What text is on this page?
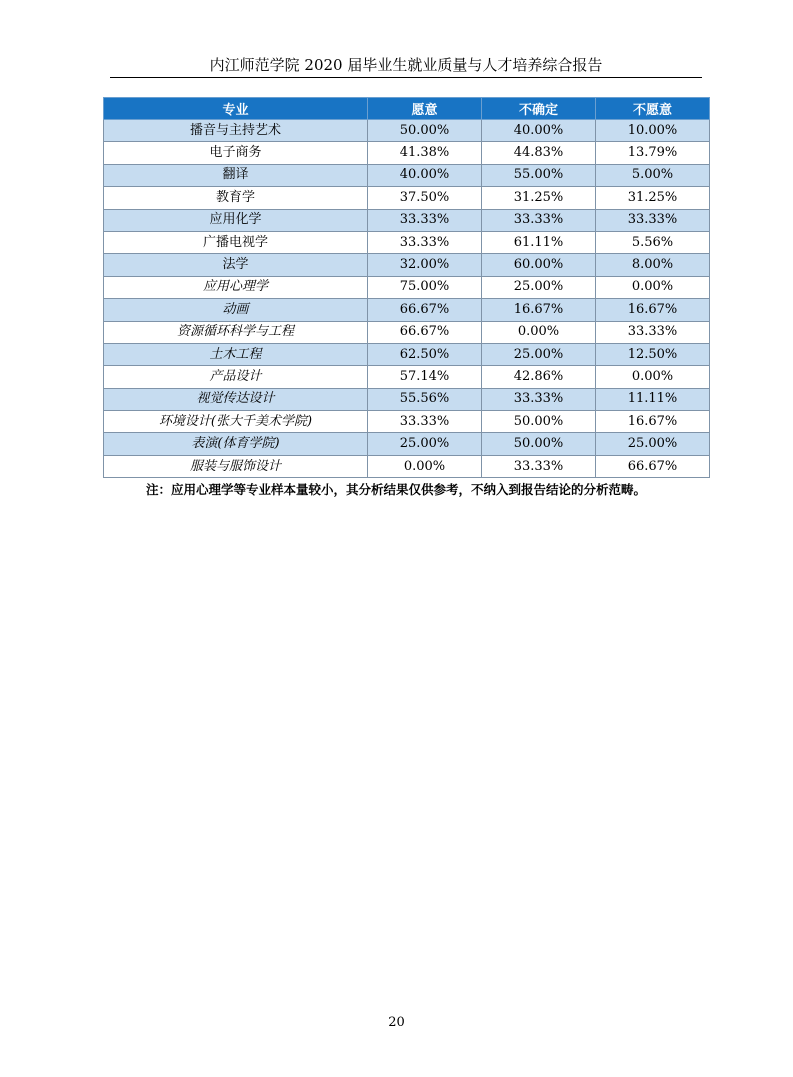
内江师范学院 2020 届毕业生就业质量与人才培养综合报告
专业	愿意	不确定	不愿意
播音与主持艺术	50.00%	40.00%	10.00%
电子商务	41.38%	44.83%	13.79%
翻译	40.00%	55.00%	5.00%
教育学	37.50%	31.25%	31.25%
应用化学	33.33%	33.33%	33.33%
广播电视学	33.33%	61.11%	5.56%
法学	32.00%	60.00%	8.00%
应用心理学	75.00%	25.00%	0.00%
动画	66.67%	16.67%	16.67%
资源循环科学与工程	66.67%	0.00%	33.33%
土木工程	62.50%	25.00%	12.50%
产品设计	57.14%	42.86%	0.00%
视觉传达设计	55.56%	33.33%	11.11%
环境设计(张大千美术学院)	33.33%	50.00%	16.67%
表演(体育学院)	25.00%	50.00%	25.00%
服装与服饰设计	0.00%	33.33%	66.67%
注：应用心理学等专业样本量较小，其分析结果仅供参考，不纳入到报告结论的分析范畴。
20
